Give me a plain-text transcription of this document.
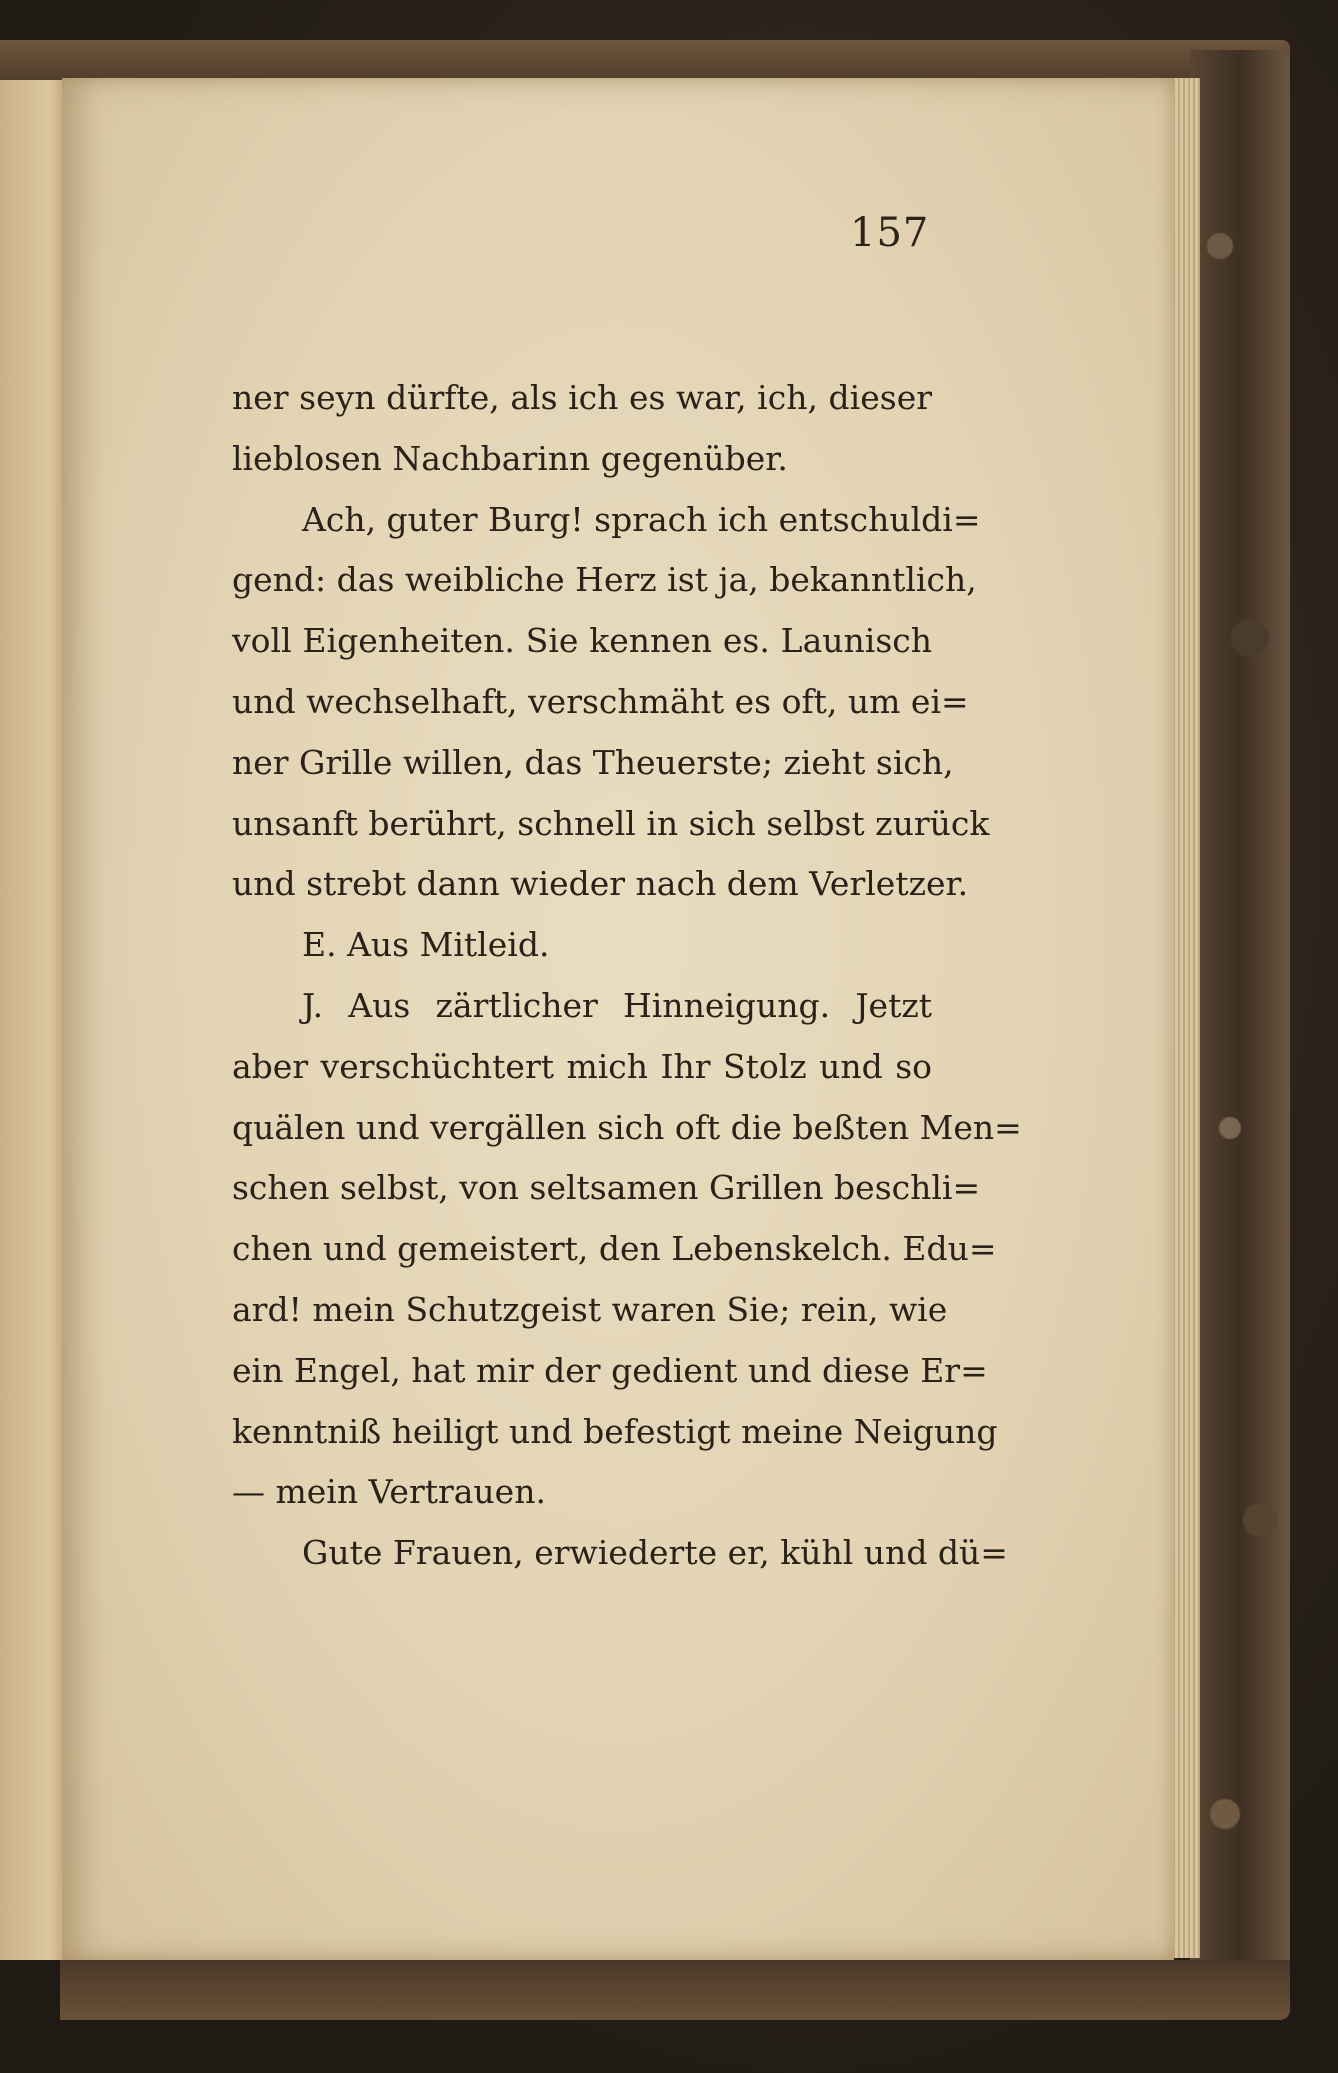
157
ner seyn dürfte, als ich es war, ich, dieser
lieblosen Nachbarinn gegenüber.
Ach, guter Burg! sprach ich entschuldi=
gend: das weibliche Herz ist ja, bekanntlich,
voll Eigenheiten. Sie kennen es. Launisch
und wechselhaft, verschmäht es oft, um ei=
ner Grille willen, das Theuerste; zieht sich,
unsanft berührt, schnell in sich selbst zurück
und strebt dann wieder nach dem Verletzer.
E. Aus Mitleid.
J. Aus zärtlicher Hinneigung. Jetzt
aber verschüchtert mich Ihr Stolz und so
quälen und vergällen sich oft die beßten Men=
schen selbst, von seltsamen Grillen beschli=
chen und gemeistert, den Lebenskelch. Edu=
ard! mein Schutzgeist waren Sie; rein, wie
ein Engel, hat mir der gedient und diese Er=
kenntniß heiligt und befestigt meine Neigung
— mein Vertrauen.
Gute Frauen, erwiederte er, kühl und dü=
